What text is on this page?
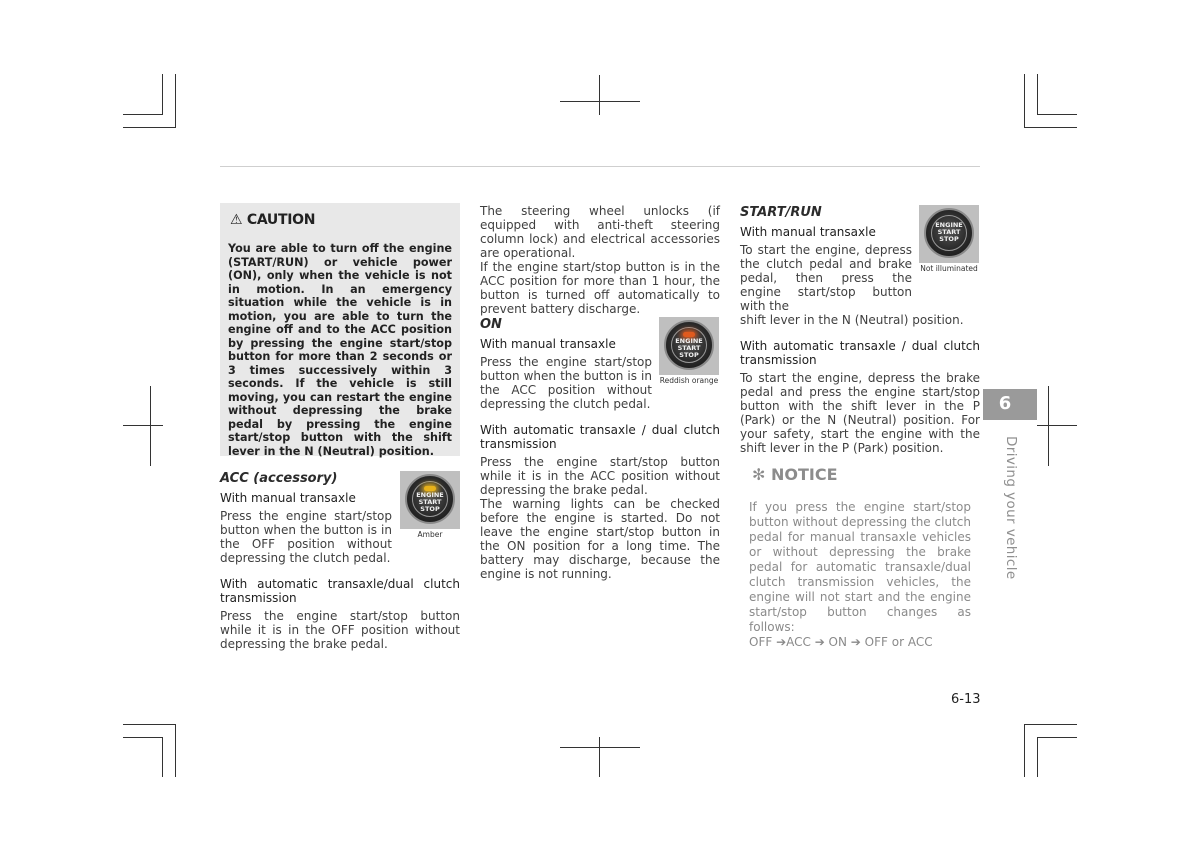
⚠ CAUTION
You are able to turn off the engine (START/RUN) or vehicle power (ON), only when the vehicle is not in motion. In an emergency situation while the vehicle is in motion, you are able to turn the engine off and to the ACC position by pressing the engine start/stop button for more than 2 seconds or 3 times successively within 3 seconds. If the vehicle is still moving, you can restart the engine without depressing the brake pedal by pressing the engine start/stop button with the shift lever in the N (Neutral) position.
ACC (accessory)
With manual transaxle

Press the engine start/stop button when the button is in the OFF position without depressing the clutch pedal.

With automatic transaxle/dual clutch transmission

Press the engine start/stop button while it is in the OFF position without depressing the brake pedal.

ENGINE
START
STOP
Amber

The steering wheel unlocks (if equipped with anti-theft steering column lock) and electrical accessories are operational.

If the engine start/stop button is in the ACC position for more than 1 hour, the button is turned off automatically to prevent battery discharge.

ON
With manual transaxle

Press the engine start/stop button when the button is in the ACC position without depressing the clutch pedal.

With automatic transaxle / dual clutch transmission

Press the engine start/stop button while it is in the ACC position without depressing the brake pedal.

The warning lights can be checked before the engine is started. Do not leave the engine start/stop button in the ON position for a long time. The battery may discharge, because the engine is not running.

ENGINE
START
STOP
Reddish orange
START/RUN
With manual transaxle

To start the engine, depress the clutch pedal and brake pedal, then press the engine start/stop button with the

shift lever in the N (Neutral) position.

With automatic transaxle / dual clutch transmission

To start the engine, depress the brake pedal and press the engine start/stop button with the shift lever in the P (Park) or the N (Neutral) position. For your safety, start the engine with the shift lever in the P (Park) position.

ENGINE
START
STOP
Not illuminated
✻ NOTICE
If you press the engine start/stop button without depressing the clutch pedal for manual transaxle vehicles or without depressing the brake pedal for automatic transaxle/dual clutch transmission vehicles, the engine will not start and the engine start/stop button changes as follows:
OFF ➔ACC ➔ ON ➔ OFF or ACC
6
Driving your vehicle
6-13
